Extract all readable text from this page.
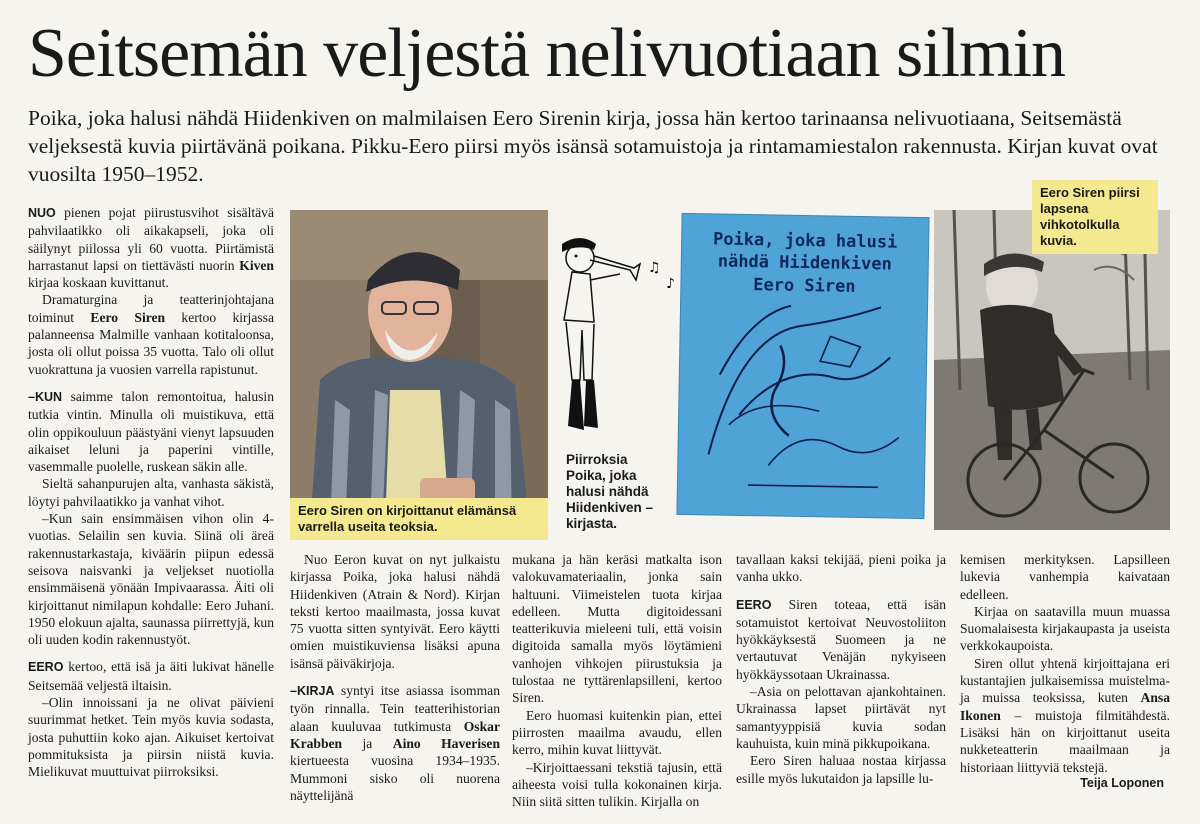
Seitsemän veljestä nelivuotiaan silmin

Poika, joka halusi nähdä Hiidenkiven on malmilaisen Eero Sirenin kirja, jossa hän kertoo tarinaansa nelivuotiaana, Seitsemästä veljeksestä kuvia piirtävänä poikana. Pikku-Eero piirsi myös isänsä sotamuistoja ja rintamamiestalon rakennusta. Kirjan kuvat ovat vuosilta 1950–1952.

NUO pienen pojat piirustusvihot sisältävä pahvilaatikko oli aikakapseli, joka oli säilynyt piilossa yli 60 vuotta. Piirtämistä harrastanut lapsi on tiettävästi nuorin Kiven kirjaa koskaan kuvittanut.

Dramaturgina ja teatterinjohtajana toiminut Eero Siren kertoo kirjassa palanneensa Malmille vanhaan kotitaloonsa, josta oli ollut poissa 35 vuotta. Talo oli ollut vuokrattuna ja vuosien varrella rapistunut.

–KUN saimme talon remontoitua, halusin tutkia vintin. Minulla oli muistikuva, että olin oppikouluun päästyäni vienyt lapsuuden aikaiset leluni ja paperini vintille, vasemmalle puolelle, ruskean säkin alle.

Sieltä sahanpurujen alta, vanhasta säkistä, löytyi pahvilaatikko ja vanhat vihot.

–Kun sain ensimmäisen vihon olin 4-vuotias. Selailin sen kuvia. Siinä oli äreä rakennustarkastaja, kiväärin piipun edessä seisova naisvanki ja veljekset nuotiolla ensimmäisenä yönään Impivaarassa. Äiti oli kirjoittanut nimilapun kohdalle: Eero Juhani. 1950 elokuun ajalta, saunassa piirrettyjä, kun oli uuden kodin rakennustyöt.

EERO kertoo, että isä ja äiti lukivat hänelle Seitsemää veljestä iltaisin.

–Olin innoissani ja ne olivat päivieni suurimmat hetket. Tein myös kuvia sodasta, josta puhuttiin koko ajan. Aikuiset kertoivat pommituksista ja piirsin niistä kuvia. Mielikuvat muuttuivat piirroksiksi.

Eero Siren on kirjoittanut elämänsä varrella useita teoksia.
♫
♪
Piirroksia Poika, joka halusi nähdä Hiidenkiven –kirjasta.
Poika, joka halusi nähdä Hiidenkiven
Eero Siren
Eero Siren piirsi lapsena vihkotolkulla kuvia.

Nuo Eeron kuvat on nyt julkaistu kirjassa Poika, joka halusi nähdä Hiidenkiven (Atrain & Nord). Kirjan teksti kertoo maailmasta, jossa kuvat 75 vuotta sitten syntyivät. Eero käytti omien muistikuviensa lisäksi apuna isänsä päiväkirjoja.

–KIRJA syntyi itse asiassa isomman työn rinnalla. Tein teatterihistorian alaan kuuluvaa tutkimusta Oskar Krabben ja Aino Haverisen kiertueesta vuosina 1934–1935. Mummoni sisko oli nuorena näyttelijänä

mukana ja hän keräsi matkalta ison valokuvamateriaalin, jonka sain haltuuni. Viimeistelen tuota kirjaa edelleen. Mutta digitoidessani teatterikuvia mieleeni tuli, että voisin digitoida samalla myös löytämieni vanhojen vihkojen piirustuksia ja tulostaa ne tyttärenlapsilleni, kertoo Siren.

Eero huomasi kuitenkin pian, ettei piirrosten maailma avaudu, ellen kerro, mihin kuvat liittyvät.

–Kirjoittaessani tekstiä tajusin, että aiheesta voisi tulla kokonainen kirja. Niin siitä sitten tulikin. Kirjalla on

tavallaan kaksi tekijää, pieni poika ja vanha ukko.

EERO Siren toteaa, että isän sotamuistot kertoivat Neuvostoliiton hyökkäyksestä Suomeen ja ne vertautuvat Venäjän nykyiseen hyökkäyssotaan Ukrainassa.

–Asia on pelottavan ajankohtainen. Ukrainassa lapset piirtävät nyt samantyyppisiä kuvia sodan kauhuista, kuin minä pikkupoikana.

Eero Siren haluaa nostaa kirjassa esille myös lukutaidon ja lapsille lu-

kemisen merkityksen. Lapsilleen lukevia vanhempia kaivataan edelleen.

Kirjaa on saatavilla muun muassa Suomalaisesta kirjakaupasta ja useista verkkokaupoista.

Siren ollut yhtenä kirjoittajana eri kustantajien julkaisemissa muistelma- ja muissa teoksissa, kuten Ansa Ikonen – muistoja filmitähdestä. Lisäksi hän on kirjoittanut useita nukketeatterin maailmaan ja historiaan liittyviä tekstejä.

Teija Loponen
